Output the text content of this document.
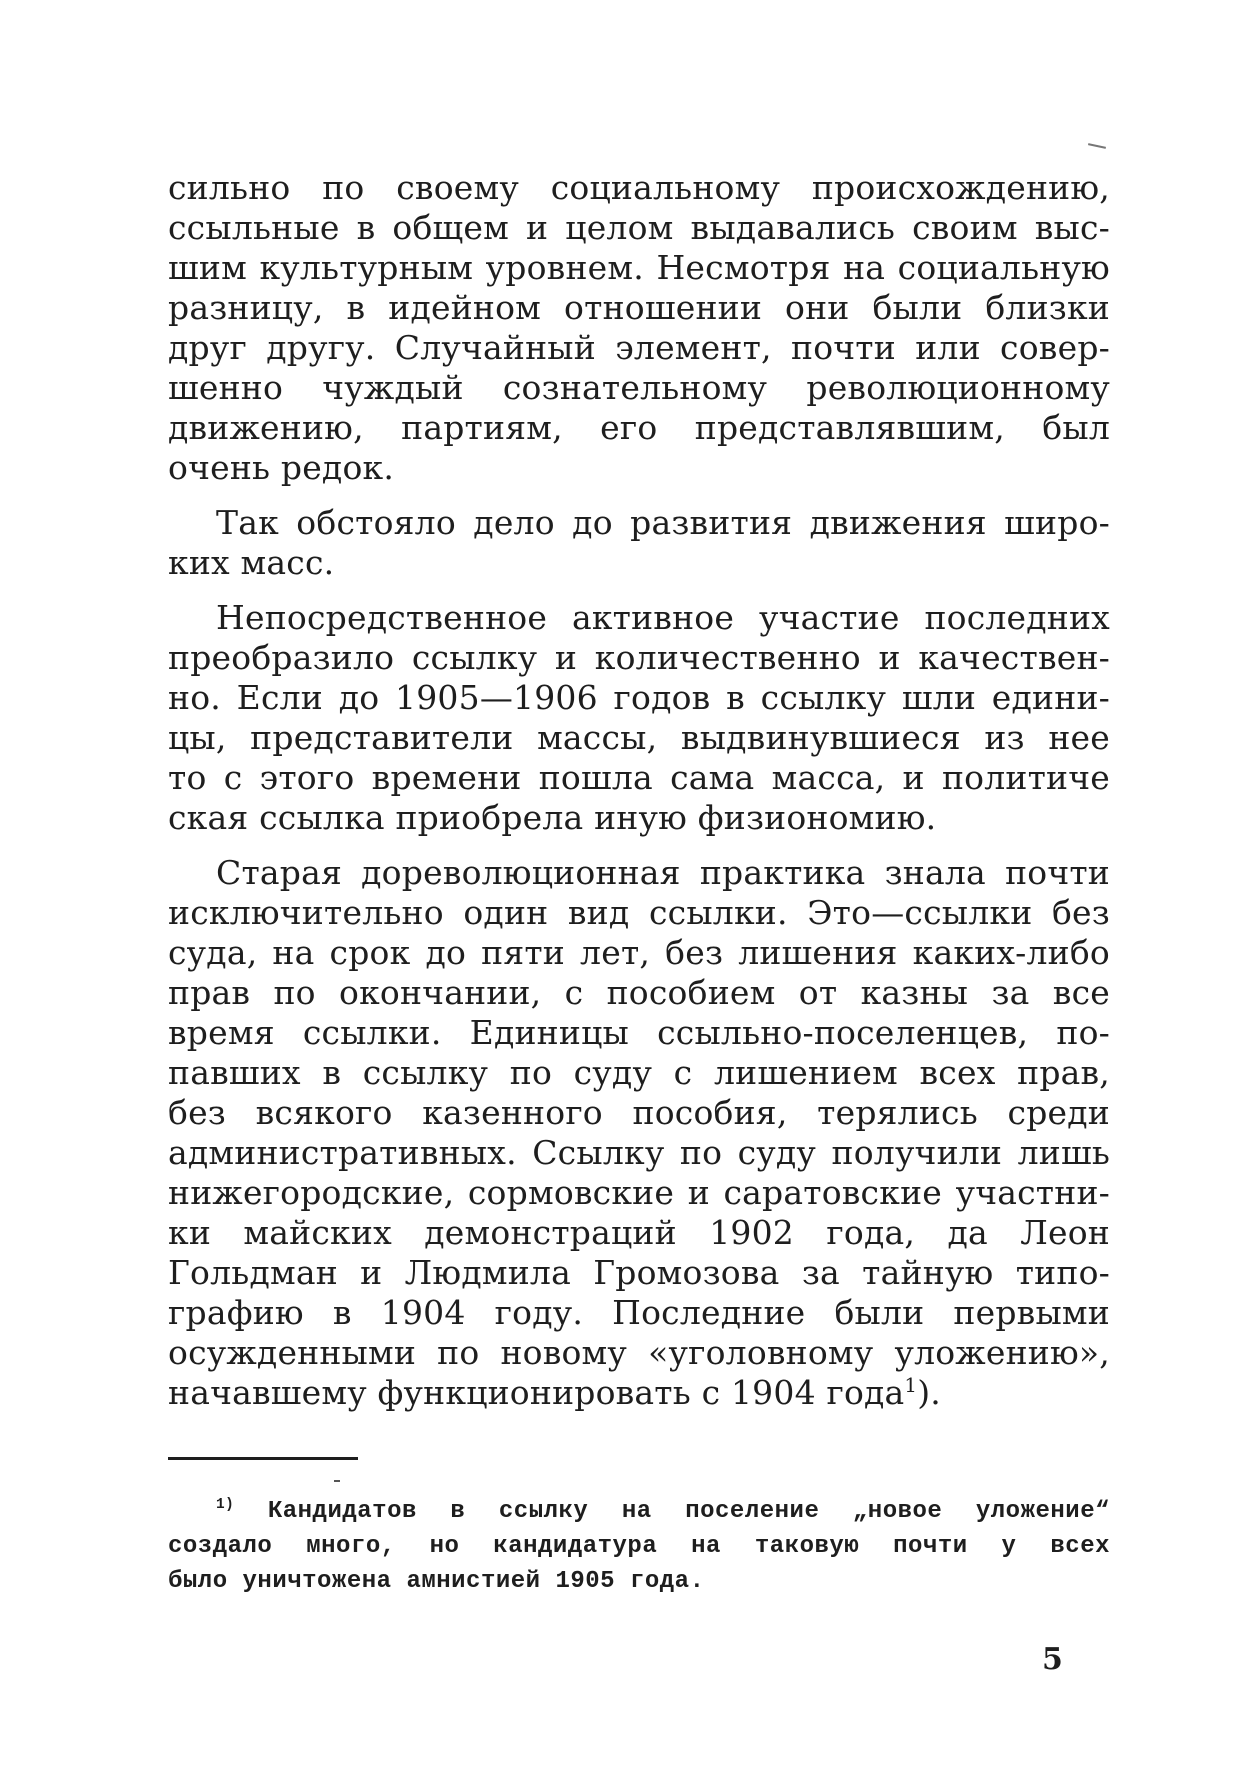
сильно по своему социальному происхождению,
ссыльные в общем и целом выдавались своим выс-
шим культурным уровнем. Несмотря на социальную
разницу, в идейном отношении они были близки
друг другу. Случайный элемент, почти или совер-
шенно чуждый сознательному революционному
движению, партиям, его представлявшим, был
очень редок.
Так обстояло дело до развития движения широ-
ких масс.
Непосредственное активное участие последних
преобразило ссылку и количественно и качествен-
но. Если до 1905—1906 годов в ссылку шли едини-
цы, представители массы, выдвинувшиеся из нее
то с этого времени пошла сама масса, и политиче
ская ссылка приобрела иную физиономию.
Старая дореволюционная практика знала почти
исключительно один вид ссылки. Это—ссылки без
суда, на срок до пяти лет, без лишения каких-либо
прав по окончании, с пособием от казны за все
время ссылки. Единицы ссыльно-поселенцев, по-
павших в ссылку по суду с лишением всех прав,
без всякого казенного пособия, терялись среди
административных. Ссылку по суду получили лишь
нижегородские, сормовские и саратовские участни-
ки майских демонстраций 1902 года, да Леон
Гольдман и Людмила Громозова за тайную типо-
графию в 1904 году. Последние были первыми
осужденными по новому «уголовному уложению»,
начавшему функционировать с 1904 года$^1$).
$^{1)}$ Кандидатов в ссылку на поселение „новое уложение“
создало много, но кандидатура на таковую почти у всех
было уничтожена амнистией 1905 года.
5
